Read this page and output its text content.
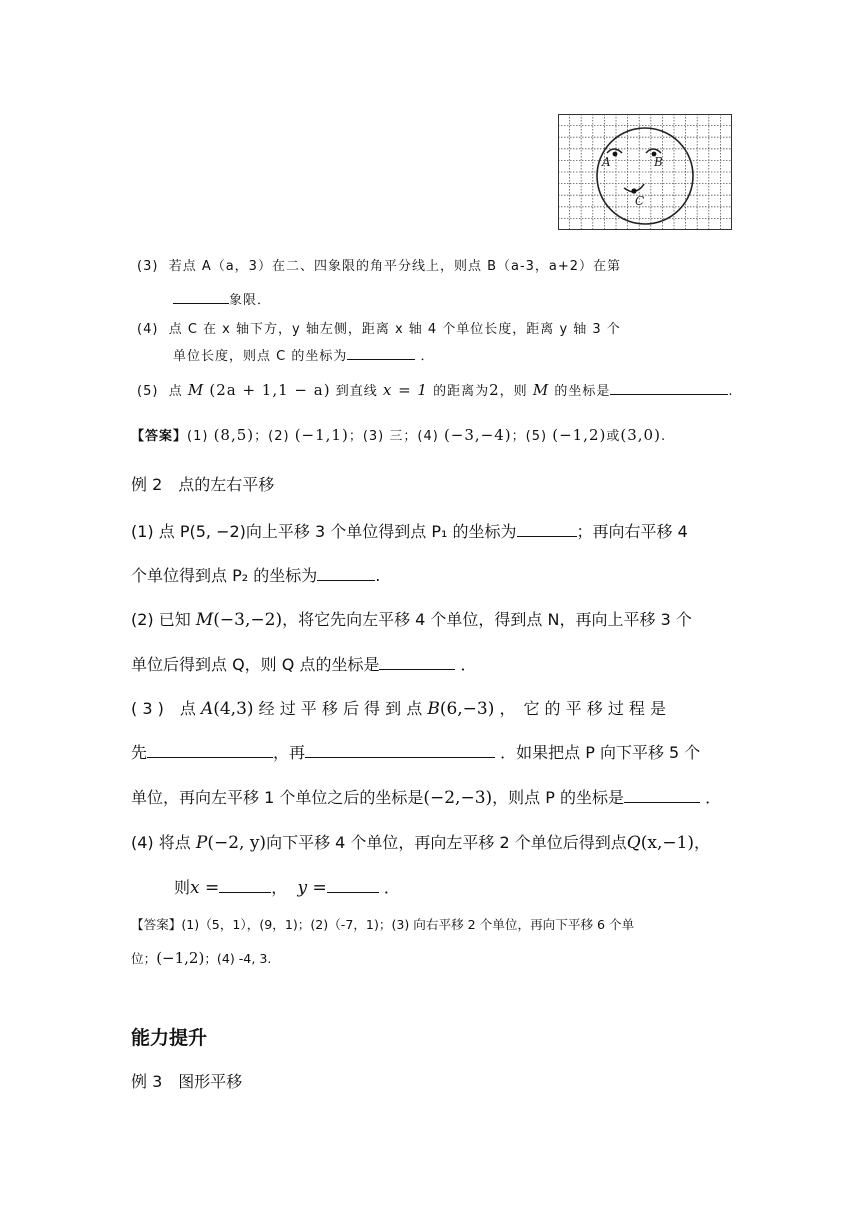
A	B
C
(3) 若点 A（a，3）在二、四象限的角平分线上，则点 B（a-3，a+2）在第
象限．
(4) 点 C 在 x 轴下方，y 轴左侧，距离 x 轴 4 个单位长度，距离 y 轴 3 个
单位长度，则点 C 的坐标为	．
(5) 点 M (2a + 1,1 − a) 到直线 x = 1 的距离为2，则 M 的坐标是	.
【答案】(1) (8,5)；(2) (−1,1)；(3) 三；(4) (−3,−4)；(5) (−1,2)或(3,0).
例 2　点的左右平移
(1) 点 P(5, −2)向上平移 3 个单位得到点 P₁ 的坐标为	；再向右平移 4
个单位得到点 P₂ 的坐标为	.
(2) 已知 M(−3,−2)，将它先向左平移 4 个单位，得到点 N，再向上平移 3 个
单位后得到点 Q，则 Q 点的坐标是	．
( 3 )　点 A(4,3) 经 过 平 移 后 得 到 点 B(6,−3) ，　它 的 平 移 过 程 是
先	，再	．如果把点 P 向下平移 5 个
单位，再向左平移 1 个单位之后的坐标是(−2,−3)，则点 P 的坐标是	．
(4) 将点 P(−2, y)向下平移 4 个单位，再向左平移 2 个单位后得到点Q(x,−1)，
则x =	， y =	．
【答案】(1)（5，1），(9，1)；(2)（-7，1)；(3) 向右平移 2 个单位，再向下平移 6 个单
位；(−1,2)；(4) -4, 3.
能力提升
例 3　图形平移
